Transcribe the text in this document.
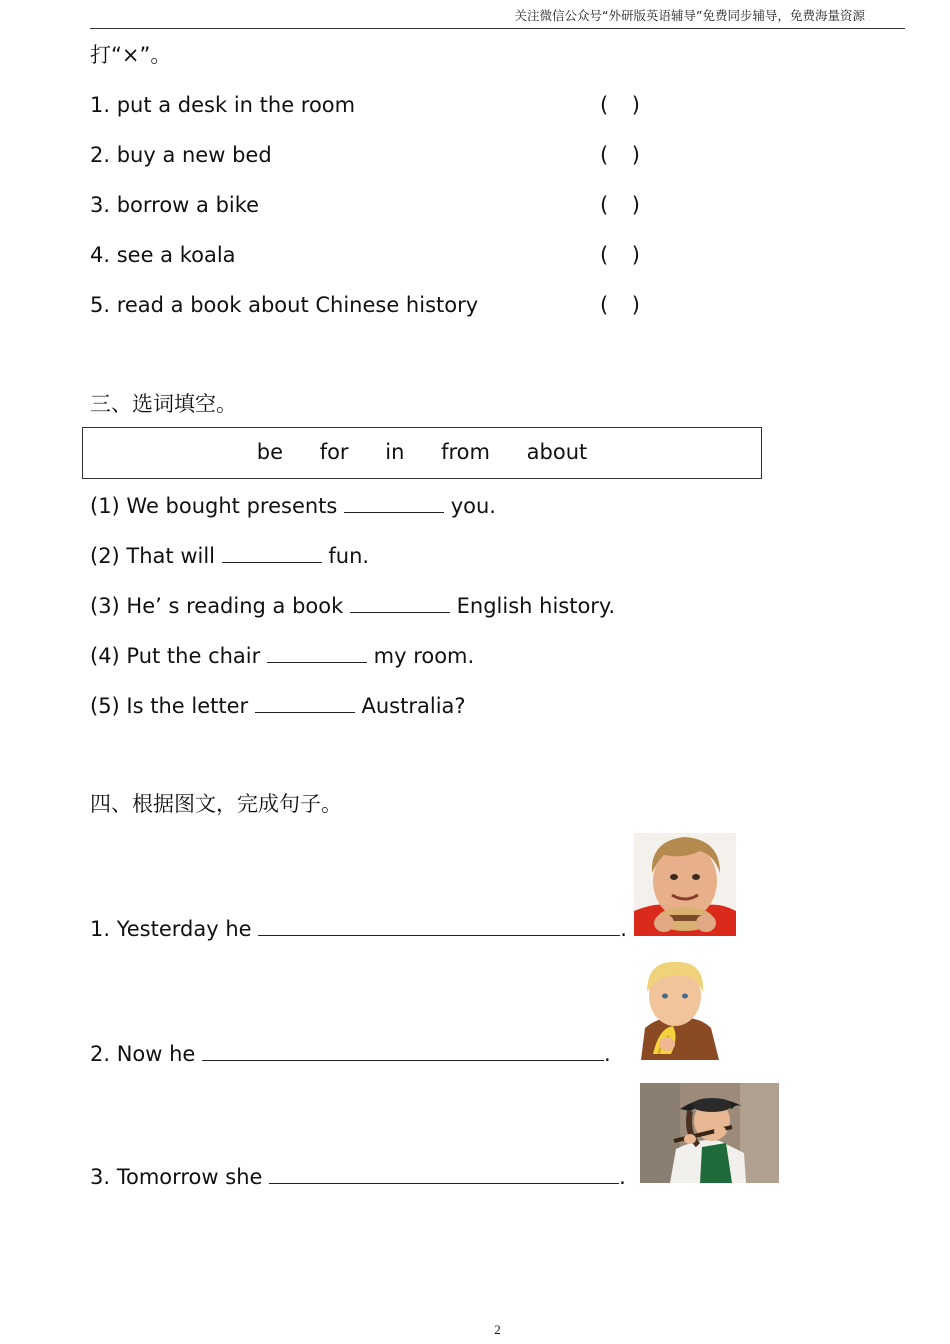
关注微信公众号“外研版英语辅导”免费同步辅导，免费海量资源
打“×”。
1. put a desk in the room	( )
2. buy a new bed	( )
3. borrow a bike	( )
4. see a koala	( )
5. read a book about Chinese history	( )
三、选词填空。
be for in from about
(1) We bought presents	you.
(2) That will	fun.
(3) He’ s reading a book	English history.
(4) Put the chair	my room.
(5) Is the letter	Australia?
四、根据图文，完成句子。
1. Yesterday he	.
2. Now he	.
3. Tomorrow she	.
2
